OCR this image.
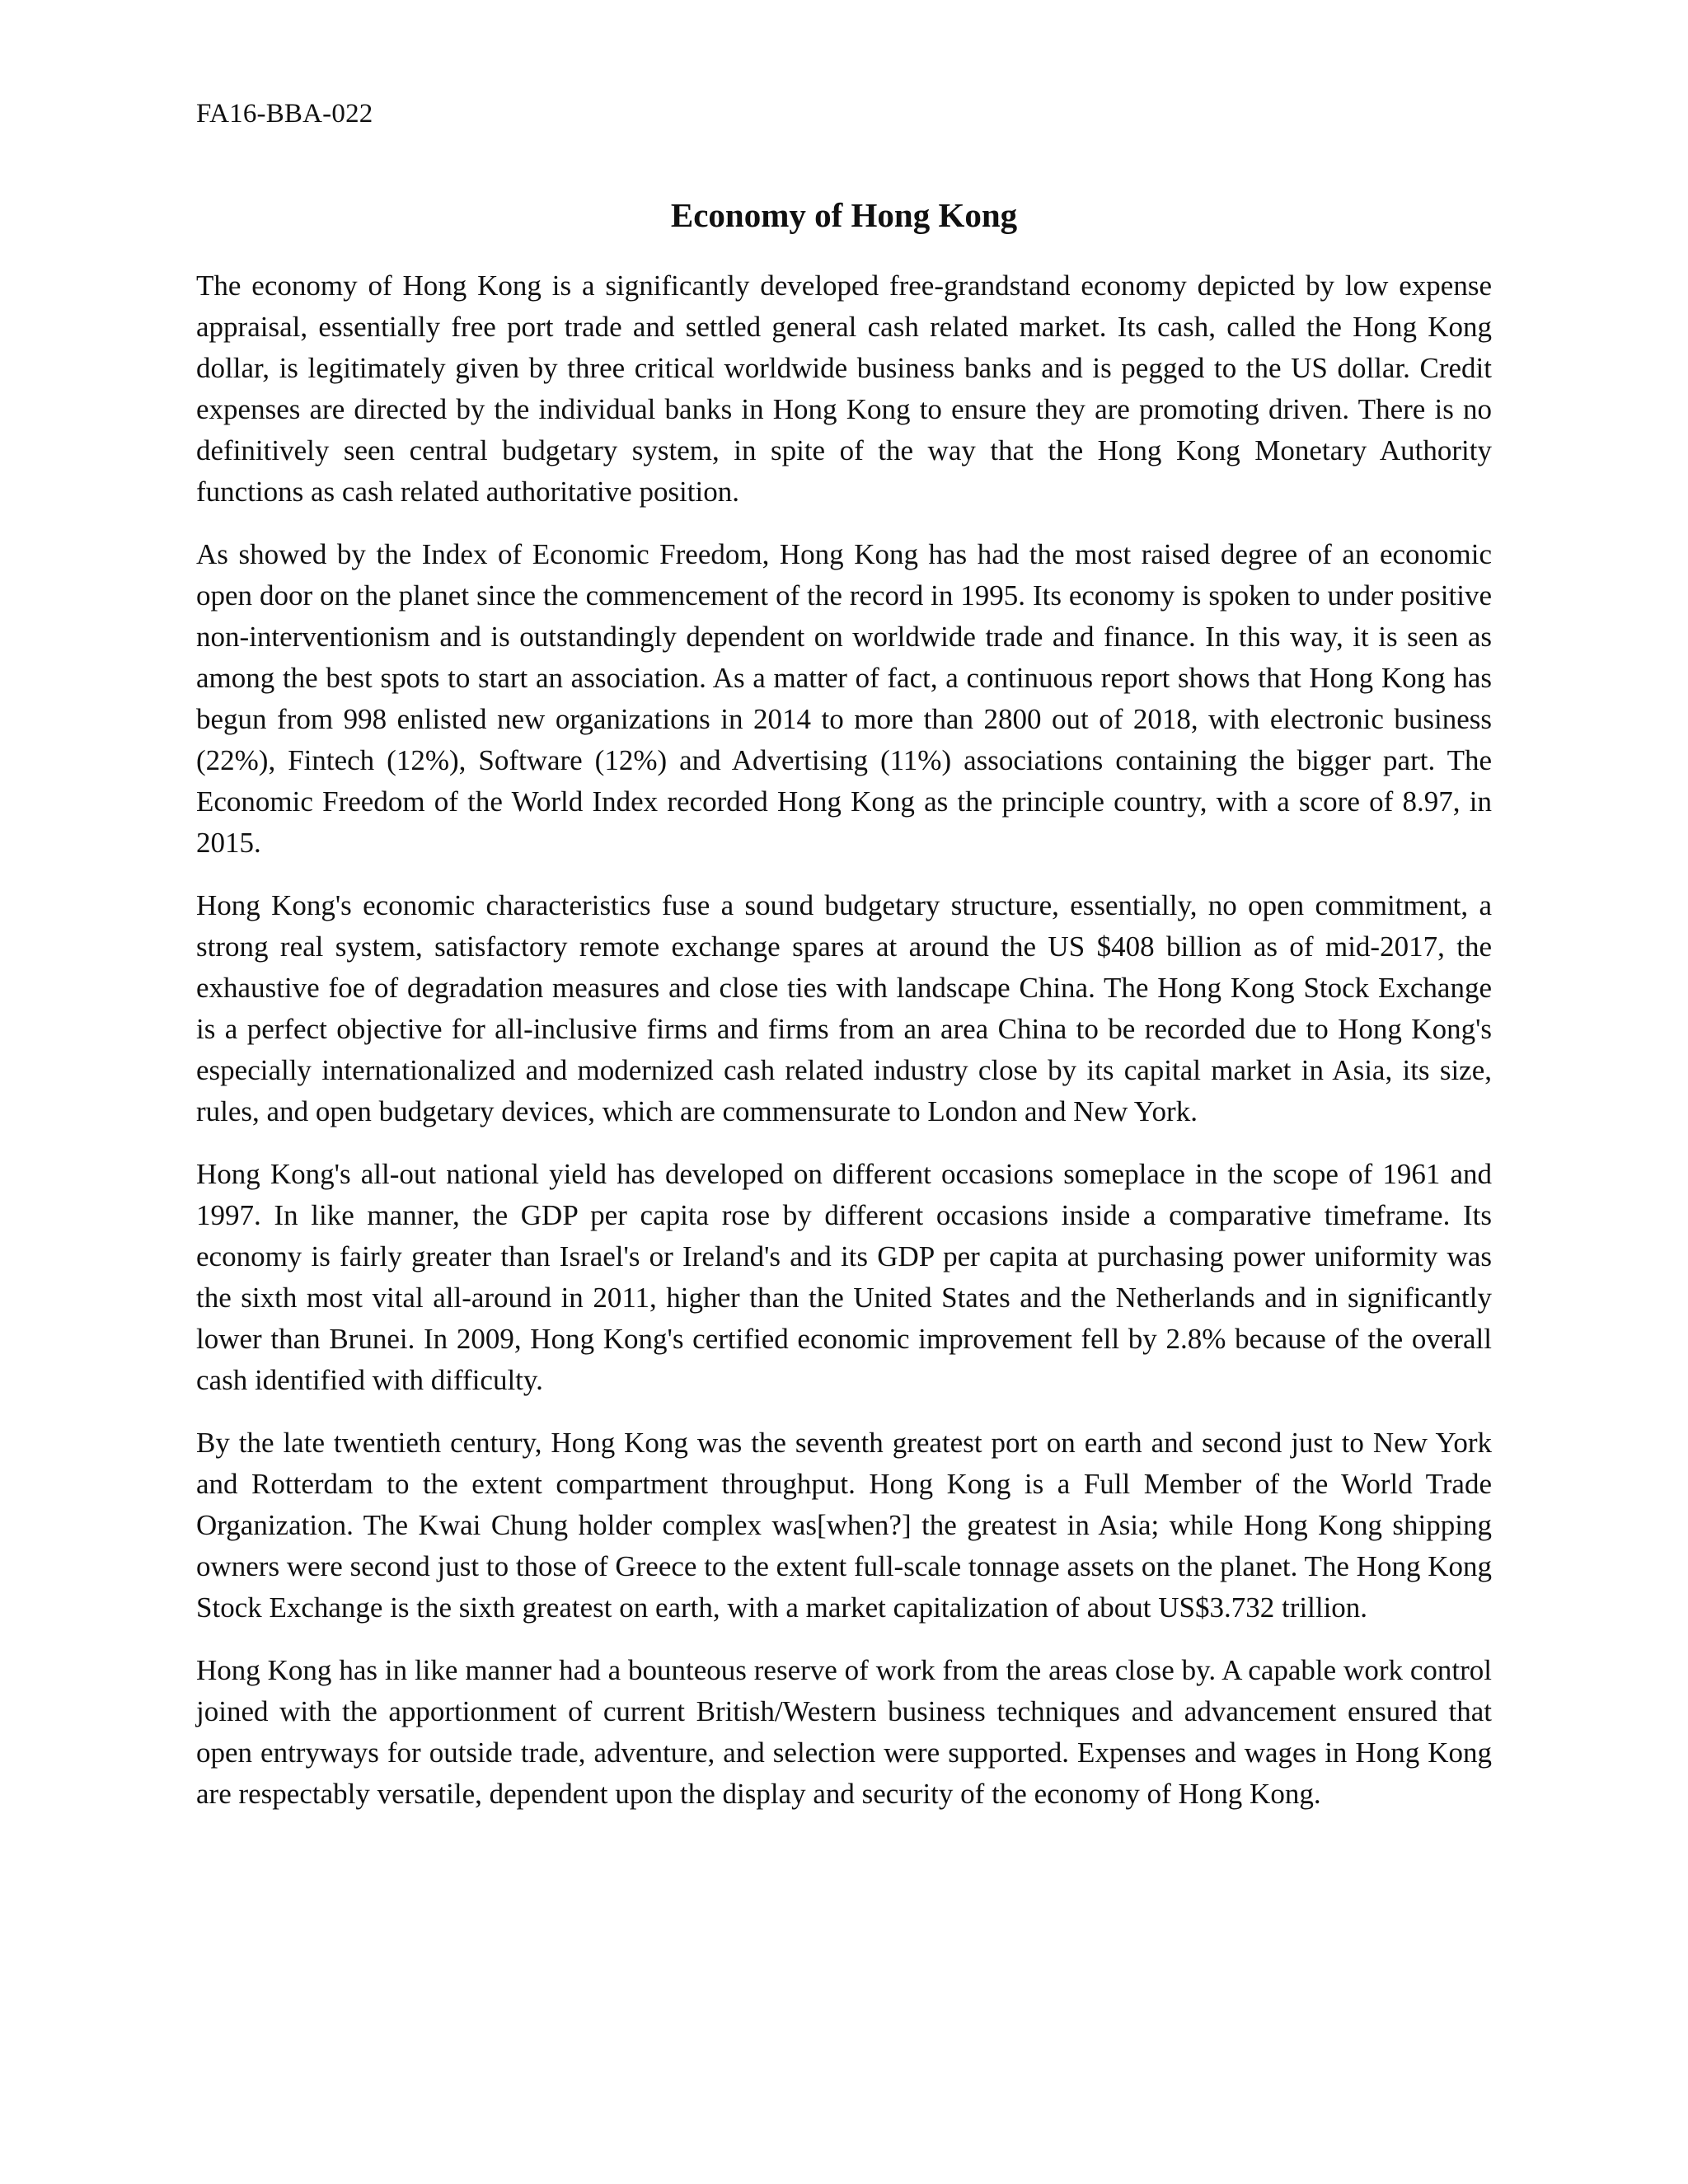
FA16-BBA-022
Economy of Hong Kong

The economy of Hong Kong is a significantly developed free-grandstand economy depicted by low expense appraisal, essentially free port trade and settled general cash related market. Its cash, called the Hong Kong dollar, is legitimately given by three critical worldwide business banks and is pegged to the US dollar. Credit expenses are directed by the individual banks in Hong Kong to ensure they are promoting driven. There is no definitively seen central budgetary system, in spite of the way that the Hong Kong Monetary Authority functions as cash related authoritative position.

As showed by the Index of Economic Freedom, Hong Kong has had the most raised degree of an economic open door on the planet since the commencement of the record in 1995. Its economy is spoken to under positive non-interventionism and is outstandingly dependent on worldwide trade and finance. In this way, it is seen as among the best spots to start an association. As a matter of fact, a continuous report shows that Hong Kong has begun from 998 enlisted new organizations in 2014 to more than 2800 out of 2018, with electronic business (22%), Fintech (12%), Software (12%) and Advertising (11%) associations containing the bigger part. The Economic Freedom of the World Index recorded Hong Kong as the principle country, with a score of 8.97, in 2015.

Hong Kong's economic characteristics fuse a sound budgetary structure, essentially, no open commitment, a strong real system, satisfactory remote exchange spares at around the US $408 billion as of mid-2017, the exhaustive foe of degradation measures and close ties with landscape China. The Hong Kong Stock Exchange is a perfect objective for all-inclusive firms and firms from an area China to be recorded due to Hong Kong's especially internationalized and modernized cash related industry close by its capital market in Asia, its size, rules, and open budgetary devices, which are commensurate to London and New York.

Hong Kong's all-out national yield has developed on different occasions someplace in the scope of 1961 and 1997. In like manner, the GDP per capita rose by different occasions inside a comparative timeframe. Its economy is fairly greater than Israel's or Ireland's and its GDP per capita at purchasing power uniformity was the sixth most vital all-around in 2011, higher than the United States and the Netherlands and in significantly lower than Brunei. In 2009, Hong Kong's certified economic improvement fell by 2.8% because of the overall cash identified with difficulty.

By the late twentieth century, Hong Kong was the seventh greatest port on earth and second just to New York and Rotterdam to the extent compartment throughput. Hong Kong is a Full Member of the World Trade Organization. The Kwai Chung holder complex was[when?] the greatest in Asia; while Hong Kong shipping owners were second just to those of Greece to the extent full-scale tonnage assets on the planet. The Hong Kong Stock Exchange is the sixth greatest on earth, with a market capitalization of about US$3.732 trillion.

Hong Kong has in like manner had a bounteous reserve of work from the areas close by. A capable work control joined with the apportionment of current British/Western business techniques and advancement ensured that open entryways for outside trade, adventure, and selection were supported. Expenses and wages in Hong Kong are respectably versatile, dependent upon the display and security of the economy of Hong Kong.
